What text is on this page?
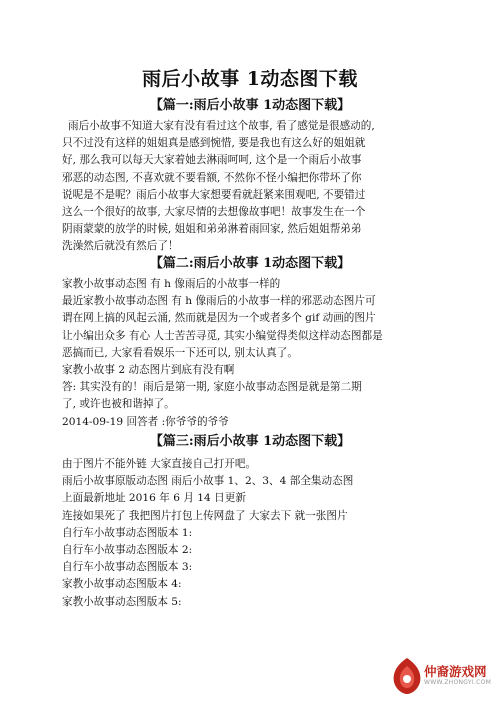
雨后小故事 1动态图下载
【篇一:雨后小故事 1动态图下载】
雨后小故事不知道大家有没有看过这个故事, 看了感觉是很感动的,
只不过没有这样的姐姐真是感到惋惜, 要是我也有这么好的姐姐就
好, 那么我可以每天大家着她去淋雨呵呵, 这个是一个雨后小故事
邪恶的动态图, 不喜欢就不要看额, 不然你不怪小编把你带坏了你
说呢是不是呢？雨后小故事大家想要看就赶紧来围观吧, 不要错过
这么一个很好的故事, 大家尽情的去想像故事吧！故事发生在一个
阴雨蒙蒙的放学的时候, 姐姐和弟弟淋着雨回家, 然后姐姐帮弟弟
洗澡然后就没有然后了！
【篇二:雨后小故事 1动态图下载】
家教小故事动态图 有 h 像雨后的小故事一样的
最近家教小故事动态图 有 h 像雨后的小故事一样的邪恶动态图片可
谓在网上搞的风起云涌, 然而就是因为一个或者多个 gif 动画的图片
让小编出众多 有心 人士苦苦寻觅, 其实小编觉得类似这样动态图都是
恶搞而已, 大家看看娱乐一下还可以, 别太认真了。
家教小故事 2 动态图片到底有没有啊
答: 其实没有的！雨后是第一期, 家庭小故事动态图是就是第二期
了, 或许也被和谐掉了。
2014-09-19 回答者 :你爷爷的爷爷
【篇三:雨后小故事 1动态图下载】
由于图片不能外链 大家直接自己打开吧。
雨后小故事原版动态图 雨后小故事 1、2、3、4 部全集动态图
上面最新地址 2016 年 6 月 14 日更新
连接如果死了 我把图片打包上传网盘了 大家去下 就一张图片
自行车小故事动态图版本 1:
自行车小故事动态图版本 2:
自行车小故事动态图版本 3:
家教小故事动态图版本 4:
家教小故事动态图版本 5:
仲裔游戏网
WWW.ZHONGYI.COM
